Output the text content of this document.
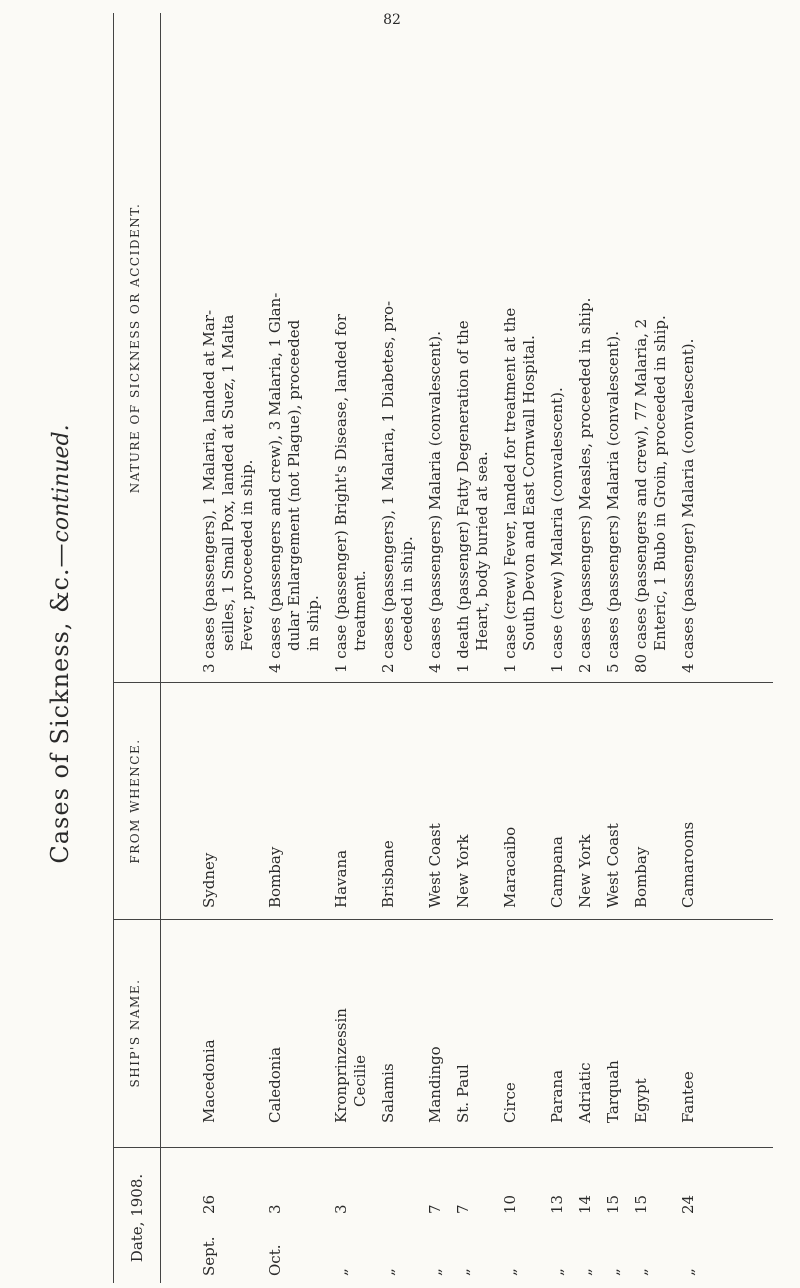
Cases of Sickness, &c.—continued.
82
Date, 1908.
SHIP'S NAME.
FROM WHENCE.
NATURE OF SICKNESS OR ACCIDENT.
Sept.26
Macedonia
Sydney
3 cases (passengers), 1 Malaria, landed at Mar- seilles, 1 Small Pox, landed at Suez, 1 Malta Fever, proceeded in ship.
Oct.3
Caledonia
Bombay
4 cases (passengers and crew), 3 Malaria, 1 Glan- dular Enlargement (not Plague), proceeded in ship.
„3
Kronprinzessin Cecilie
Havana
1 case (passenger) Bright's Disease, landed for treatment.
„
Salamis
Brisbane
2 cases (passengers), 1 Malaria, 1 Diabetes, pro- ceeded in ship.
„7
Mandingo
West Coast
4 cases (passengers) Malaria (convalescent).
„7
St. Paul
New York
1 death (passenger) Fatty Degeneration of the Heart, body buried at sea.
„10
Circe
Maracaibo
1 case (crew) Fever, landed for treatment at the South Devon and East Cornwall Hospital.
„13
Parana
Campana
1 case (crew) Malaria (convalescent).
„14
Adriatic
New York
2 cases (passengers) Measles, proceeded in ship.
„15
Tarquah
West Coast
5 cases (passengers) Malaria (convalescent).
„15
Egypt
Bombay
80 cases (passengers and crew), 77 Malaria, 2 Enteric, 1 Bubo in Groin, proceeded in ship.
„24
Fantee
Camaroons
4 cases (passenger) Malaria (convalescent).
